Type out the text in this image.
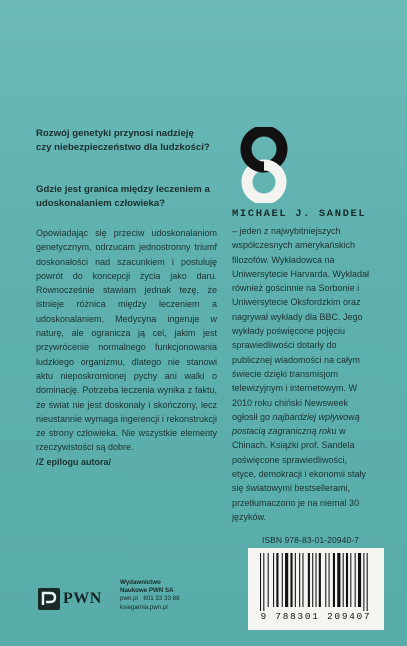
Rozwój genetyki przynosi nadzieję czy niebezpieczeństwo dla ludzkości?
Gdzie jest granica między leczeniem a udoskonalaniem człowieka?
Opowiadając się przeciw udoskonalaniom genetycznym, odrzucam jednostronny triumf doskonałości nad szacunkiem i postuluję powrót do koncepcji życia jako daru. Równocześnie stawiam jednak tezę, że istnieje różnica między leczeniem a udoskonalaniem. Medycyna ingeruje w naturę, ale ogranicza ją cel, jakim jest przywrócenie normalnego funkcjonowania ludzkiego organizmu, dlatego nie stanowi aktu nieposkromionej pychy ani walki o dominację. Potrzeba leczenia wynika z faktu, że świat nie jest doskonały i skończony, lecz nieustannie wymaga ingerencji i rekonstrukcji ze strony człowieka. Nie wszystkie elementy rzeczywistości są dobre.
/Z epilogu autora/
MICHAEL J. SANDEL
– jeden z najwybitniejszych współczesnych amerykańskich filozofów. Wykładowca na Uniwersytecie Harvarda. Wykładał również gościnnie na Sorbonie i Uniwersytecie Oksfordzkim oraz nagrywał wykłady dla BBC. Jego wykłady poświęcone pojęciu sprawiedliwości dotarły do publicznej wiadomości na całym świecie dzięki transmisjom telewizyjnym i internetowym. W 2010 roku chiński Newsweek ogłosił go najbardziej wpływową postacią zagraniczną roku w Chinach. Książki prof. Sandela poświęcone sprawiedliwości, etyce, demokracji i ekonomii stały się światowymi bestsellerami, przetłumaczono je na niemal 30 języków.
ISBN 978-83-01-20940-7
9 788301 209407
PWN
Wydawnictwo
Naukowe PWN SA
pwn.pl · 801 33 33 88
ksiegarnia.pwn.pl
